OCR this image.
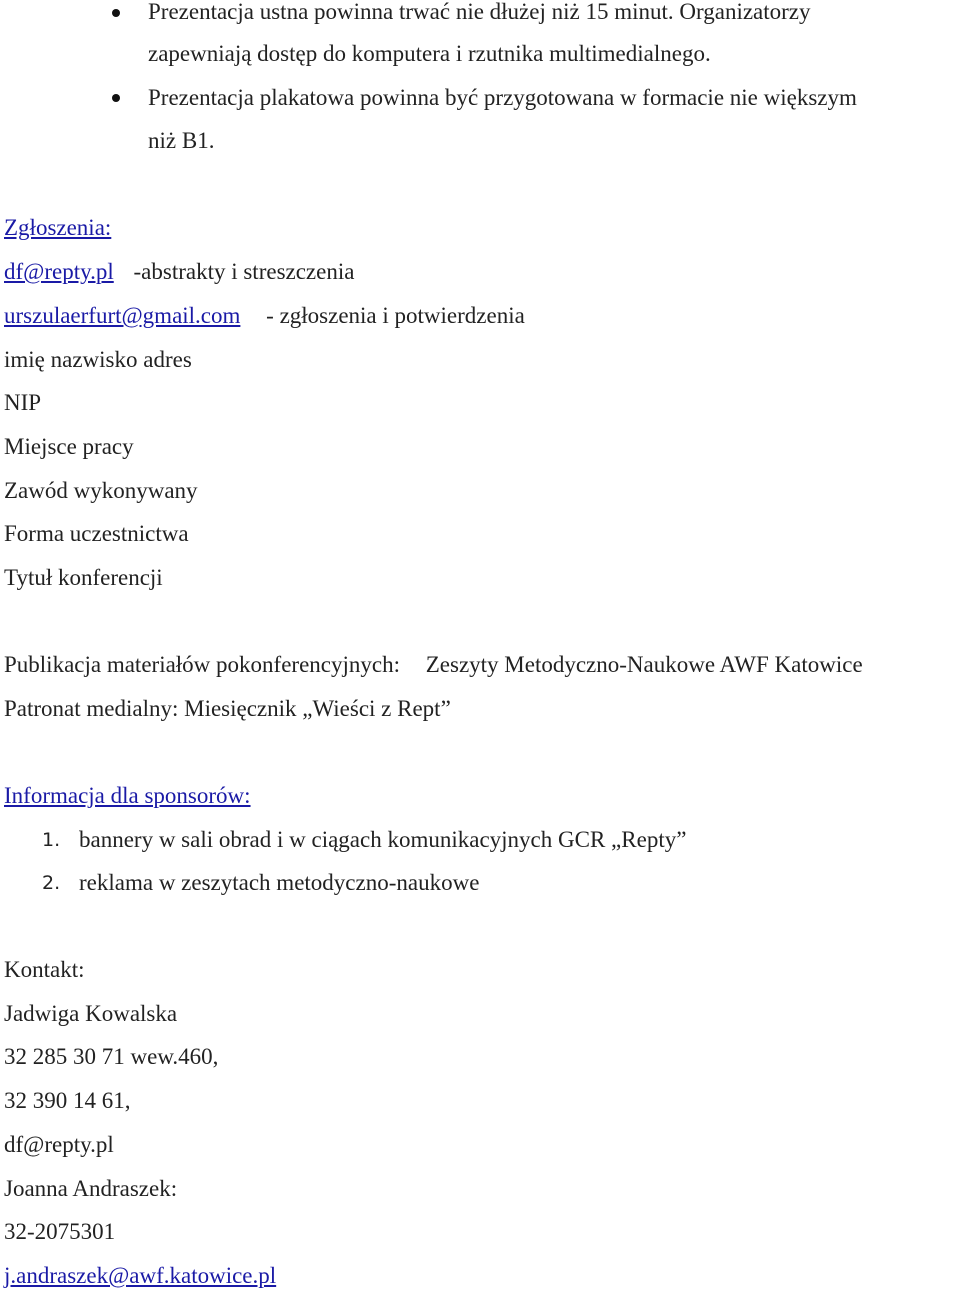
Prezentacja ustna powinna trwać nie dłużej niż 15 minut. Organizatorzy
zapewniają dostęp do komputera i rzutnika multimedialnego.
Prezentacja plakatowa powinna być przygotowana w formacie nie większym
niż B1.
Zgłoszenia:
df@repty.pl -abstrakty i streszczenia
urszulaerfurt@gmail.com - zgłoszenia i potwierdzenia
imię nazwisko adres
NIP
Miejsce pracy
Zawód wykonywany
Forma uczestnictwa
Tytuł konferencji
Publikacja materiałów pokonferencyjnych: Zeszyty Metodyczno-Naukowe AWF Katowice
Patronat medialny: Miesięcznik „Wieści z Rept”
Informacja dla sponsorów:
1. bannery w sali obrad i w ciągach komunikacyjnych GCR „Repty”
2. reklama w zeszytach metodyczno-naukowe
Kontakt:
Jadwiga Kowalska
32 285 30 71 wew.460,
32 390 14 61,
df@repty.pl
Joanna Andraszek:
32-2075301
j.andraszek@awf.katowice.pl
